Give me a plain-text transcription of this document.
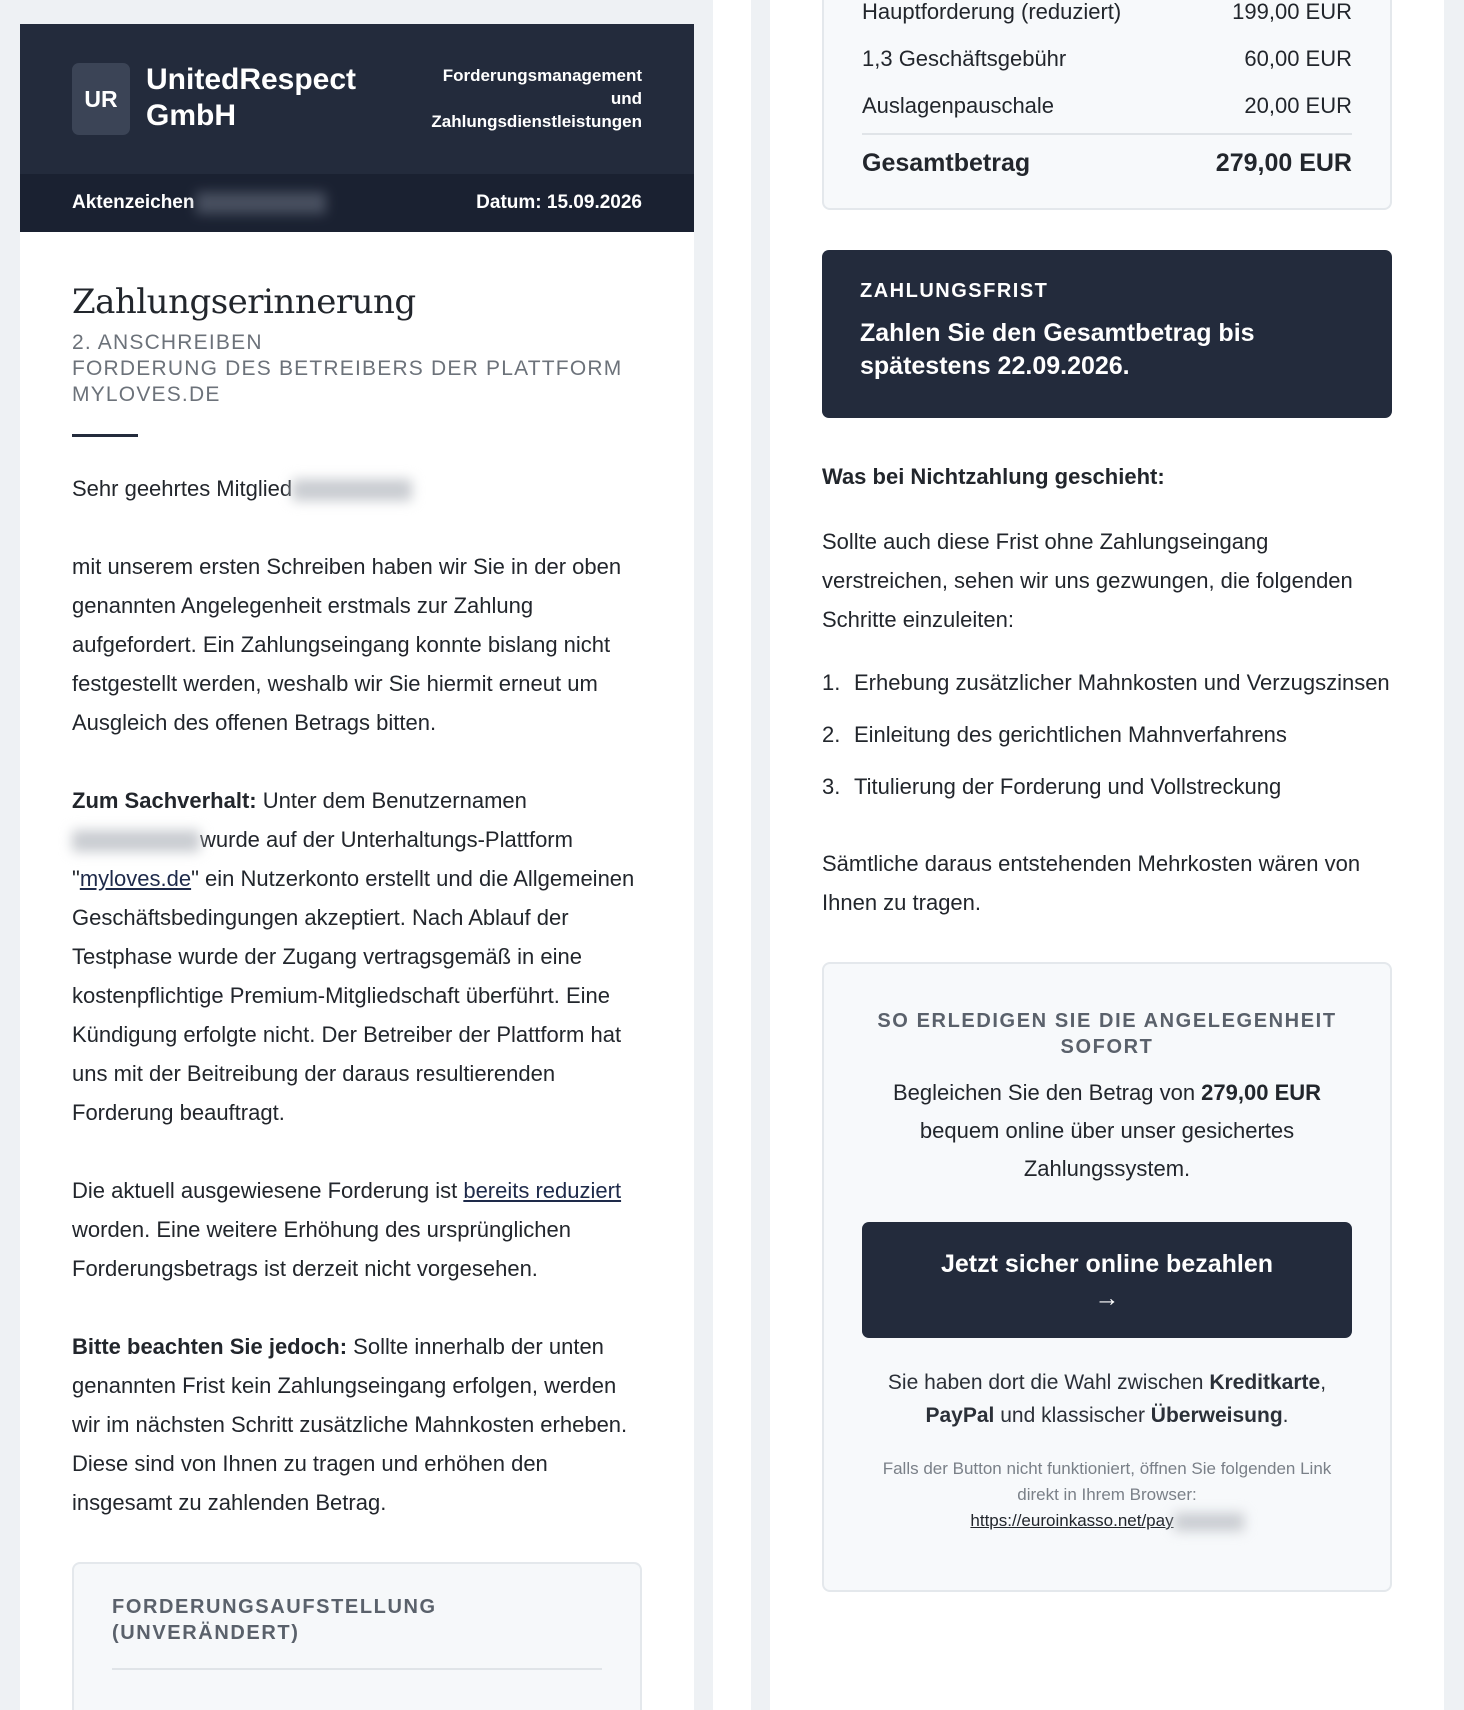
UR
UnitedRespect GmbH
Forderungsmanagement
und
Zahlungsdienstleistungen
Aktenzeichen	Datum: 15.09.2026
Zahlungserinnerung
2. ANSCHREIBEN
FORDERUNG DES BETREIBERS DER PLATTFORM MYLOVES.DE

Sehr geehrtes Mitglied

mit unserem ersten Schreiben haben wir Sie in der oben genannten Angelegenheit erstmals zur Zahlung aufgefordert. Ein Zahlungseingang konnte bislang nicht festgestellt werden, weshalb wir Sie hiermit erneut um Ausgleich des offenen Betrags bitten.

Zum Sachverhalt: Unter dem Benutzernamen
wurde auf der Unterhaltungs-Plattform "myloves.de" ein Nutzerkonto erstellt und die Allgemeinen Geschäftsbedingungen akzeptiert. Nach Ablauf der Testphase wurde der Zugang vertragsgemäß in eine kostenpflichtige Premium-Mitgliedschaft überführt. Eine Kündigung erfolgte nicht. Der Betreiber der Plattform hat uns mit der Beitreibung der daraus resultierenden Forderung beauftragt.

Die aktuell ausgewiesene Forderung ist bereits reduziert worden. Eine weitere Erhöhung des ursprünglichen Forderungsbetrags ist derzeit nicht vorgesehen.

Bitte beachten Sie jedoch: Sollte innerhalb der unten genannten Frist kein Zahlungseingang erfolgen, werden wir im nächsten Schritt zusätzliche Mahnkosten erheben. Diese sind von Ihnen zu tragen und erhöhen den insgesamt zu zahlenden Betrag.

FORDERUNGSAUFSTELLUNG (UNVERÄNDERT)
Hauptforderung (reduziert)	199,00 EUR
1,3 Geschäftsgebühr	60,00 EUR
Auslagenpauschale	20,00 EUR
Gesamtbetrag	279,00 EUR
ZAHLUNGSFRIST
Zahlen Sie den Gesamtbetrag bis spätestens 22.09.2026.
Was bei Nichtzahlung geschieht:

Sollte auch diese Frist ohne Zahlungseingang verstreichen, sehen wir uns gezwungen, die folgenden Schritte einzuleiten:

1. Erhebung zusätzlicher Mahnkosten und Verzugszinsen
2. Einleitung des gerichtlichen Mahnverfahrens
3. Titulierung der Forderung und Vollstreckung

Sämtliche daraus entstehenden Mehrkosten wären von Ihnen zu tragen.

SO ERLEDIGEN SIE DIE ANGELEGENHEIT SOFORT

Begleichen Sie den Betrag von 279,00 EUR bequem online über unser gesichertes Zahlungssystem.

Jetzt sicher online bezahlen
→

Sie haben dort die Wahl zwischen Kreditkarte, PayPal und klassischer Überweisung.

Falls der Button nicht funktioniert, öffnen Sie folgenden Link direkt in Ihrem Browser:
https://euroinkasso.net/pay
